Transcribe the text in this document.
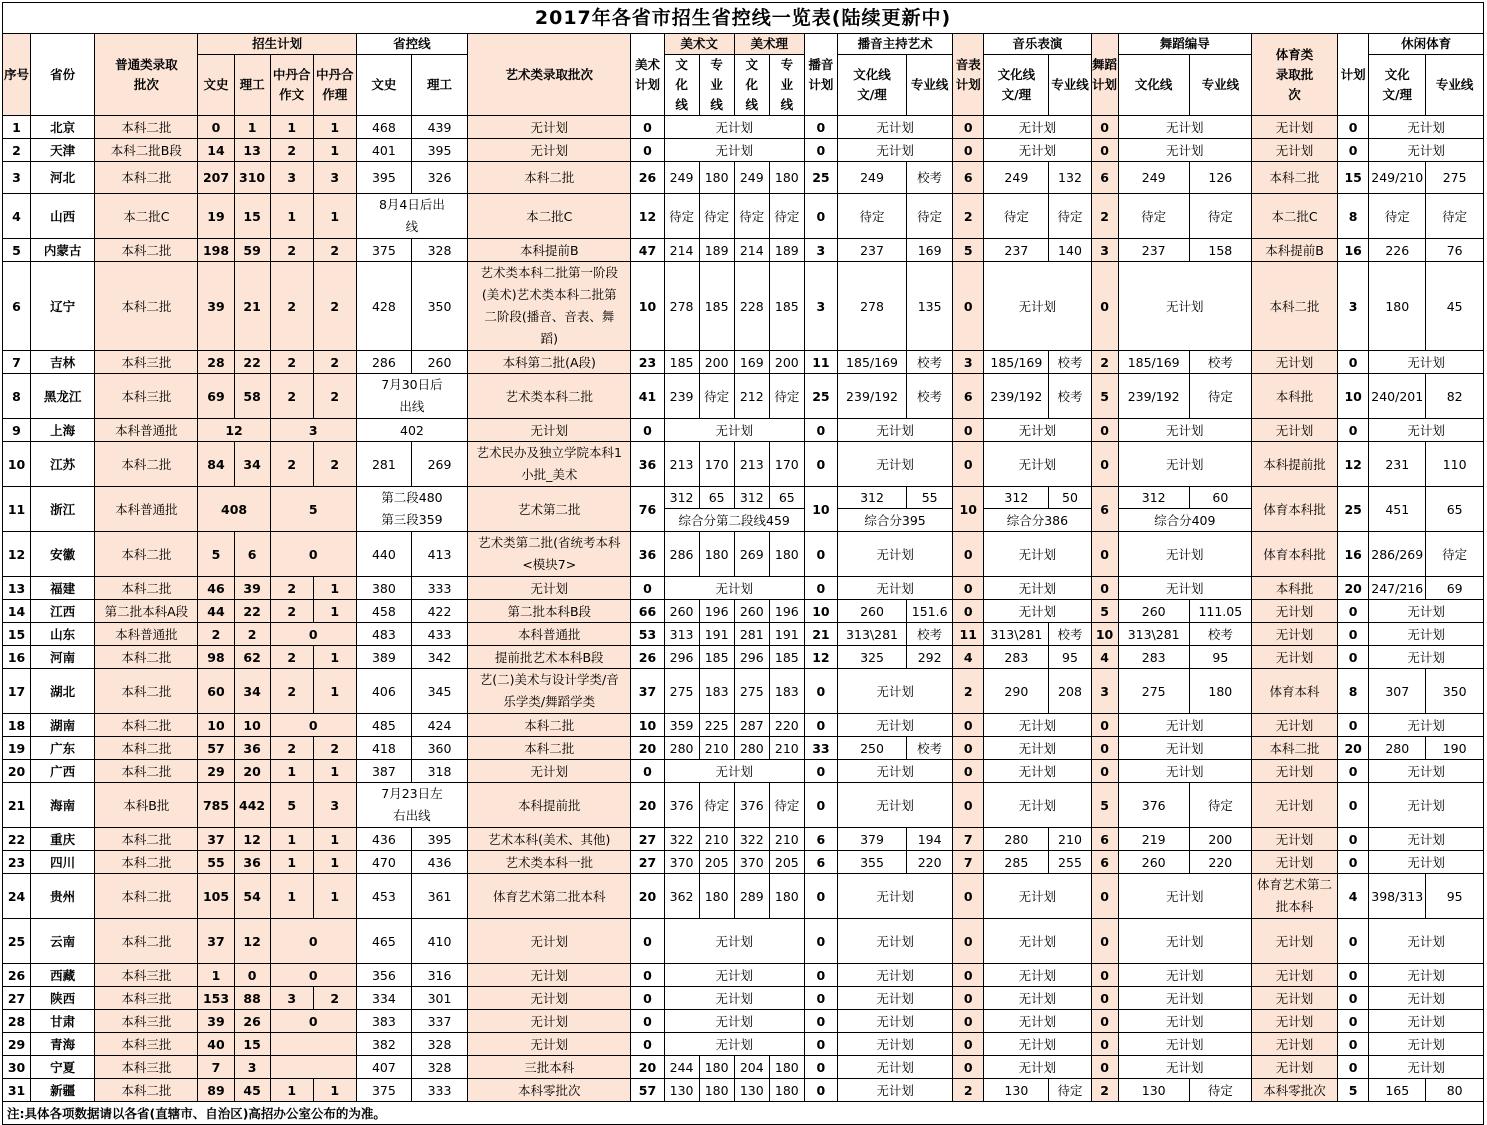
2017年各省市招生省控线一览表(陆续更新中)																											
序号	省份	普通类录取批次	招生计划				省控线		艺术类录取批次	美术计划	美术文		美术理		播音计划	播音主持艺术		音表计划	音乐表演		舞蹈计划	舞蹈编导		体育类录取批次	计划	休闲体育	
			文史	理工	中丹合作文	中丹合作理	文史	理工			文化线	专业线	文化线	专业线		文化线文/理	专业线		文化线文/理	专业线		文化线	专业线			文化文/理	专业线
1	北京	本科二批	0	1	1	1	468	439	无计划	0	无计划				0	无计划		0	无计划		0	无计划		无计划	0	无计划	
2	天津	本科二批B段	14	13	2	1	401	395	无计划	0	无计划				0	无计划		0	无计划		0	无计划		无计划	0	无计划	
3	河北	本科二批	207	310	3	3	395	326	本科二批	26	249	180	249	180	25	249	校考	6	249	132	6	249	126	本科二批	15	249/210	275
4	山西	本二批C	19	15	1	1	8月4日后出线		本二批C	12	待定	待定	待定	待定	0	待定	待定	2	待定	待定	2	待定	待定	本二批C	8	待定	待定
5	内蒙古	本科二批	198	59	2	2	375	328	本科提前B	47	214	189	214	189	3	237	169	5	237	140	3	237	158	本科提前B	16	226	76
6	辽宁	本科二批	39	21	2	2	428	350	艺术类本科二批第一阶段(美术)艺术类本科二批第二阶段(播音、音表、舞蹈)	10	278	185	228	185	3	278	135	0	无计划		0	无计划		本科二批	3	180	45
7	吉林	本科三批	28	22	2	2	286	260	本科第二批(A段)	23	185	200	169	200	11	185/169	校考	3	185/169	校考	2	185/169	校考	无计划	0	无计划	
8	黑龙江	本科三批	69	58	2	2	7月30日后出线		艺术类本科二批	41	239	待定	212	待定	25	239/192	校考	6	239/192	校考	5	239/192	待定	本科批	10	240/201	82
9	上海	本科普通批	12		3		402		无计划	0	无计划				0	无计划		0	无计划		0	无计划		无计划	0	无计划	
10	江苏	本科二批	84	34	2	2	281	269	艺术民办及独立学院本科1小批_美术	36	213	170	213	170	0	无计划		0	无计划		0	无计划		本科提前批	12	231	110
11	浙江	本科普通批	408		5		第二段480第三段359		艺术第二批	76	312	65	312	65	10	312	55	10	312	50	6	312	60	体育本科批	25	451	65
											综合分第二段线459					综合分395			综合分386			综合分409					
12	安徽	本科二批	5	6	0		440	413	艺术类第二批(省统考本科<模块7>	36	286	180	269	180	0	无计划		0	无计划		0	无计划		体育本科批	16	286/269	待定
13	福建	本科二批	46	39	2	1	380	333	无计划	0	无计划				0	无计划		0	无计划		0	无计划		本科批	20	247/216	69
14	江西	第二批本科A段	44	22	2	1	458	422	第二批本科B段	66	260	196	260	196	10	260	151.6	0	无计划		5	260	111.05	无计划	0	无计划	
15	山东	本科普通批	2	2	0		483	433	本科普通批	53	313	191	281	191	21	313\281	校考	11	313\281	校考	10	313\281	校考	无计划	0	无计划	
16	河南	本科二批	98	62	2	1	389	342	提前批艺术本科B段	26	296	185	296	185	12	325	292	4	283	95	4	283	95	无计划	0	无计划	
17	湖北	本科二批	60	34	2	1	406	345	艺(二)美术与设计学类/音乐学类/舞蹈学类	37	275	183	275	183	0	无计划		2	290	208	3	275	180	体育本科	8	307	350
18	湖南	本科二批	10	10	0		485	424	本科二批	10	359	225	287	220	0	无计划		0	无计划		0	无计划		无计划	0	无计划	
19	广东	本科二批	57	36	2	2	418	360	本科二批	20	280	210	280	210	33	250	校考	0	无计划		0	无计划		本科二批	20	280	190
20	广西	本科二批	29	20	1	1	387	318	无计划	0	无计划				0	无计划		0	无计划		0	无计划		无计划	0	无计划	
21	海南	本科B批	785	442	5	3	7月23日左右出线		本科提前批	20	376	待定	376	待定	0	无计划		0	无计划		5	376	待定	无计划	0	无计划	
22	重庆	本科二批	37	12	1	1	436	395	艺术本科(美术、其他)	27	322	210	322	210	6	379	194	7	280	210	6	219	200	无计划	0	无计划	
23	四川	本科二批	55	36	1	1	470	436	艺术类本科一批	27	370	205	370	205	6	355	220	7	285	255	6	260	220	无计划	0	无计划	
24	贵州	本科二批	105	54	1	1	453	361	体育艺术第二批本科	20	362	180	289	180	0	无计划		0	无计划		0	无计划		体育艺术第二批本科	4	398/313	95
25	云南	本科二批	37	12	0		465	410	无计划	0	无计划				0	无计划		0	无计划		0	无计划		无计划	0	无计划	
26	西藏	本科三批	1	0	0		356	316	无计划	0	无计划				0	无计划		0	无计划		0	无计划		无计划	0	无计划	
27	陕西	本科三批	153	88	3	2	334	301	无计划	0	无计划				0	无计划		0	无计划		0	无计划		无计划	0	无计划	
28	甘肃	本科三批	39	26	0		383	337	无计划	0	无计划				0	无计划		0	无计划		0	无计划		无计划	0	无计划	
29	青海	本科三批	40	15			382	328	无计划	0	无计划				0	无计划		0	无计划		0	无计划		无计划	0	无计划	
30	宁夏	本科三批	7	3			407	328	三批本科	20	244	180	204	180	0	无计划		0	无计划		0	无计划		无计划	0	无计划	
31	新疆	本科二批	89	45	1	1	375	333	本科零批次	57	130	180	130	180	0	无计划		2	130	待定	2	130	待定	本科零批次	5	165	80
注:具体各项数据请以各省(直辖市、自治区)高招办公室公布的为准。																											
